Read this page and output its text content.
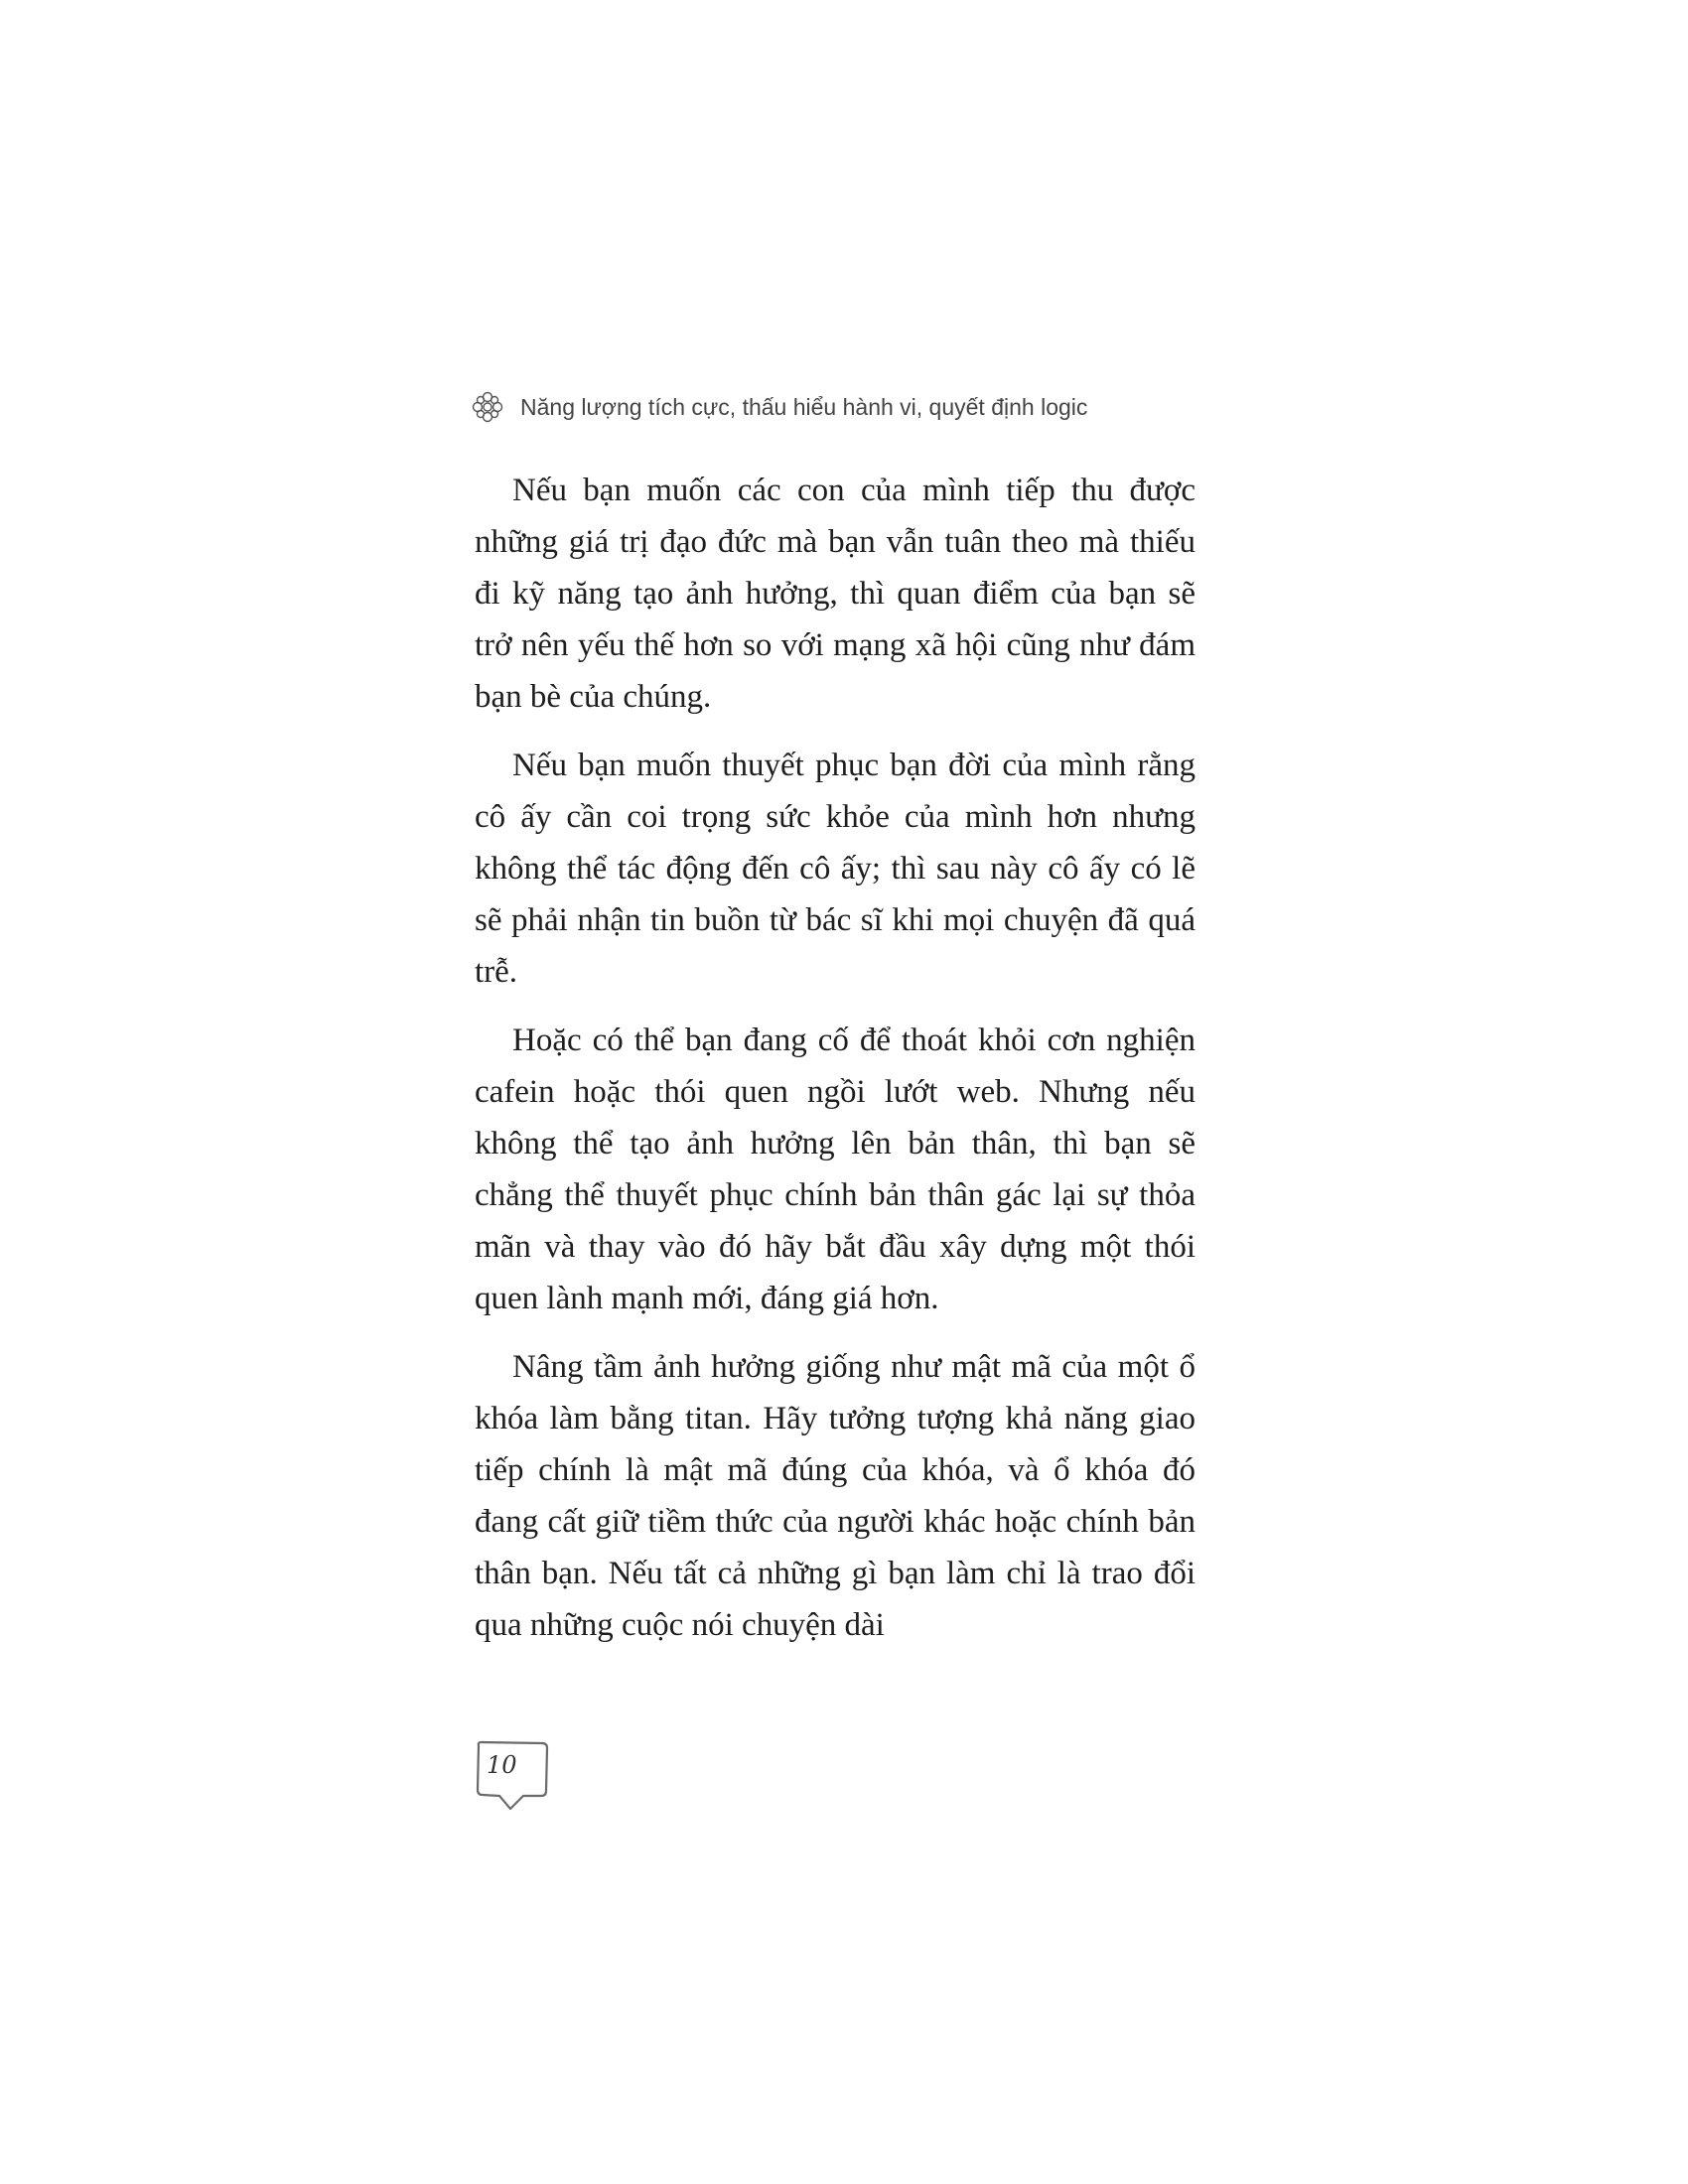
Năng lượng tích cực, thấu hiểu hành vi, quyết định logic

Nếu bạn muốn các con của mình tiếp thu được những giá trị đạo đức mà bạn vẫn tuân theo mà thiếu đi kỹ năng tạo ảnh hưởng, thì quan điểm của bạn sẽ trở nên yếu thế hơn so với mạng xã hội cũng như đám bạn bè của chúng.

Nếu bạn muốn thuyết phục bạn đời của mình rằng cô ấy cần coi trọng sức khỏe của mình hơn nhưng không thể tác động đến cô ấy; thì sau này cô ấy có lẽ sẽ phải nhận tin buồn từ bác sĩ khi mọi chuyện đã quá trễ.

Hoặc có thể bạn đang cố để thoát khỏi cơn nghiện cafein hoặc thói quen ngồi lướt web. Nhưng nếu không thể tạo ảnh hưởng lên bản thân, thì bạn sẽ chẳng thể thuyết phục chính bản thân gác lại sự thỏa mãn và thay vào đó hãy bắt đầu xây dựng một thói quen lành mạnh mới, đáng giá hơn.

Nâng tầm ảnh hưởng giống như mật mã của một ổ khóa làm bằng titan. Hãy tưởng tượng khả năng giao tiếp chính là mật mã đúng của khóa, và ổ khóa đó đang cất giữ tiềm thức của người khác hoặc chính bản thân bạn. Nếu tất cả những gì bạn làm chỉ là trao đổi qua những cuộc nói chuyện dài

10
